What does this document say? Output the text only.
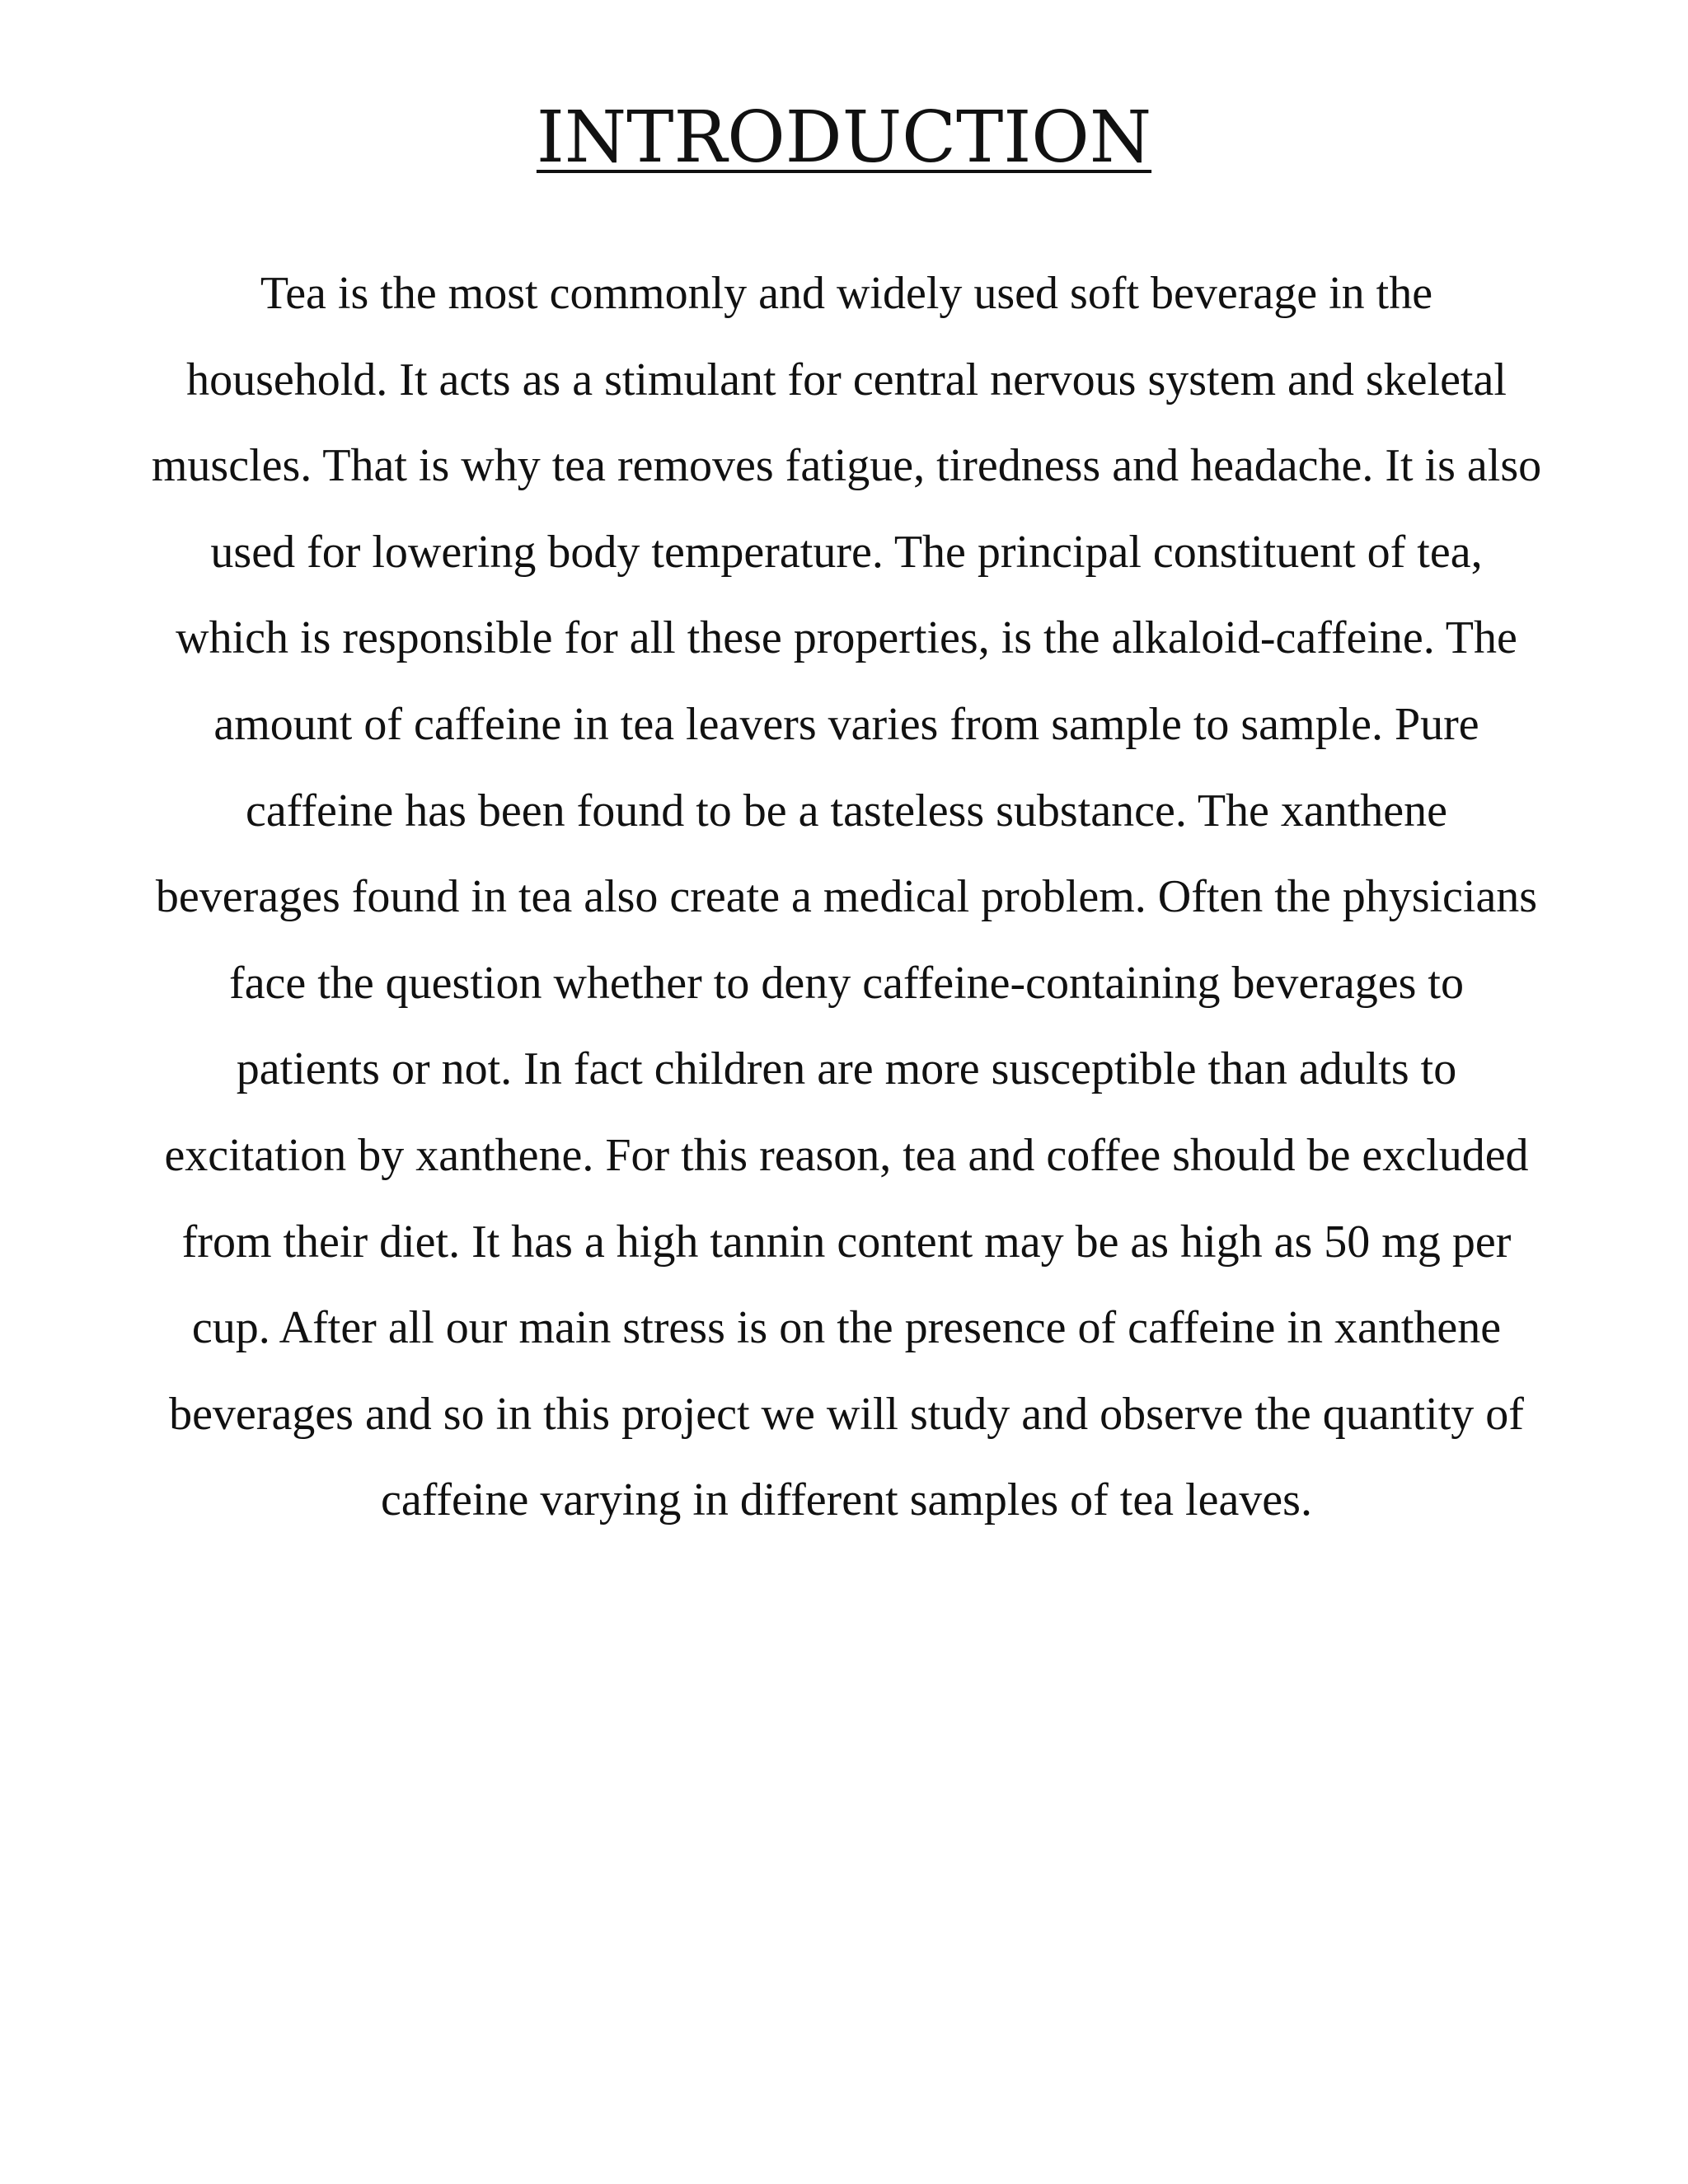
INTRODUCTION
Tea is the most commonly and widely used soft beverage in the
household. It acts as a stimulant for central nervous system and skeletal
muscles. That is why tea removes fatigue, tiredness and headache. It is also
used for lowering body temperature. The principal constituent of tea,
which is responsible for all these properties, is the alkaloid-caffeine. The
amount of caffeine in tea leavers varies from sample to sample. Pure
caffeine has been found to be a tasteless substance. The xanthene
beverages found in tea also create a medical problem. Often the physicians
face the question whether to deny caffeine-containing beverages to
patients or not. In fact children are more susceptible than adults to
excitation by xanthene. For this reason, tea and coffee should be excluded
from their diet. It has a high tannin content may be as high as 50 mg per
cup. After all our main stress is on the presence of caffeine in xanthene
beverages and so in this project we will study and observe the quantity of
caffeine varying in different samples of tea leaves.
